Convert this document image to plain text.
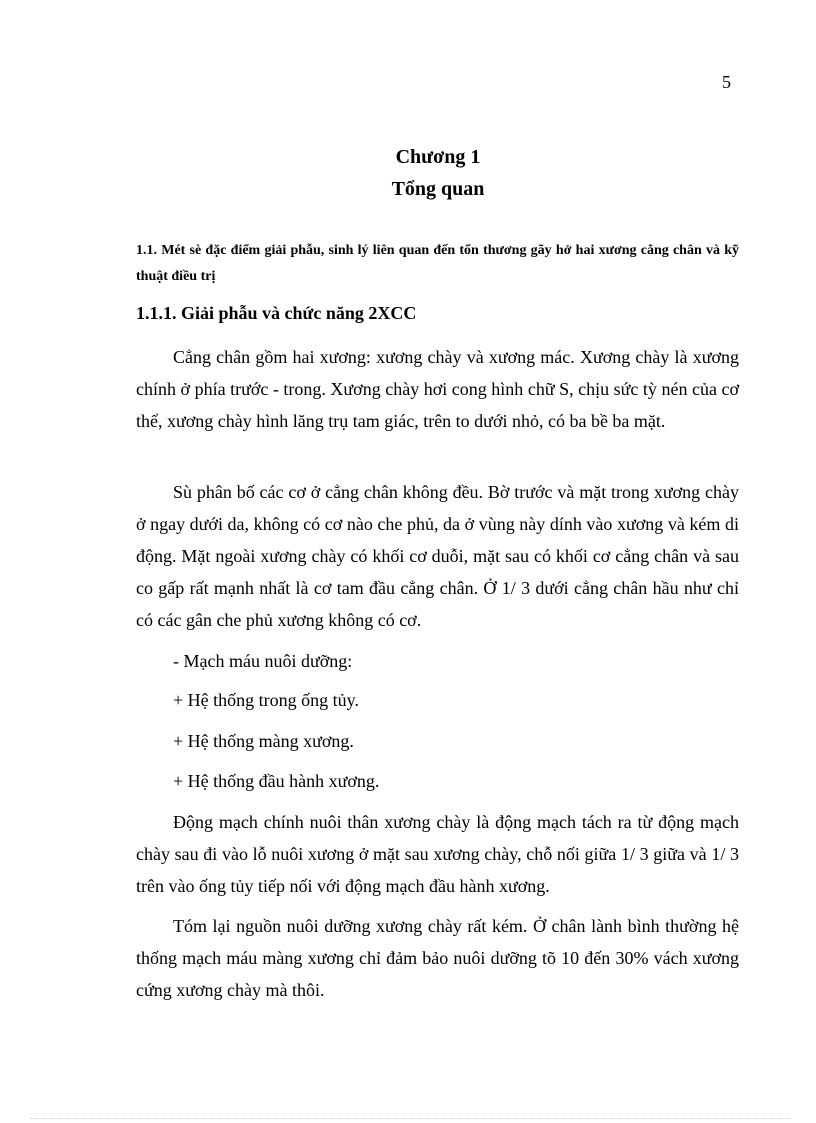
5
Chương 1
Tổng quan
1.1. Mét sè đặc điểm giải phẫu, sinh lý liên quan đến tổn thương gãy hở hai xương cẳng chân và kỹ thuật điều trị
1.1.1. Giải phẫu và chức năng 2XCC

Cẳng chân gồm hai xương: xương chày và xương mác. Xương chày là xương chính ở phía trước - trong. Xương chày hơi cong hình chữ S, chịu sức tỳ nén của cơ thể, xương chày hình lăng trụ tam giác, trên to dưới nhỏ, có ba bề ba mặt.

Sù phân bố các cơ ở cẳng chân không đều. Bờ trước và mặt trong xương chày ở ngay dưới da, không có cơ nào che phủ, da ở vùng này dính vào xương và kém di động. Mặt ngoài xương chày có khối cơ duỗi, mặt sau có khối cơ cẳng chân và sau co gấp rất mạnh nhất là cơ tam đầu cẳng chân. Ở 1/ 3 dưới cẳng chân hầu như chỉ có các gân che phủ xương không có cơ.

- Mạch máu nuôi dưỡng:
+ Hệ thống trong ống tủy.
+ Hệ thống màng xương.
+ Hệ thống đầu hành xương.

Động mạch chính nuôi thân xương chày là động mạch tách ra từ động mạch chày sau đi vào lỗ nuôi xương ở mặt sau xương chày, chỗ nối giữa 1/ 3 giữa và 1/ 3 trên vào ống tủy tiếp nối với động mạch đầu hành xương.

Tóm lại nguồn nuôi dưỡng xương chày rất kém. Ở chân lành bình thường hệ thống mạch máu màng xương chỉ đảm bảo nuôi dưỡng tõ 10 đến 30% vách xương cứng xương chày mà thôi.
